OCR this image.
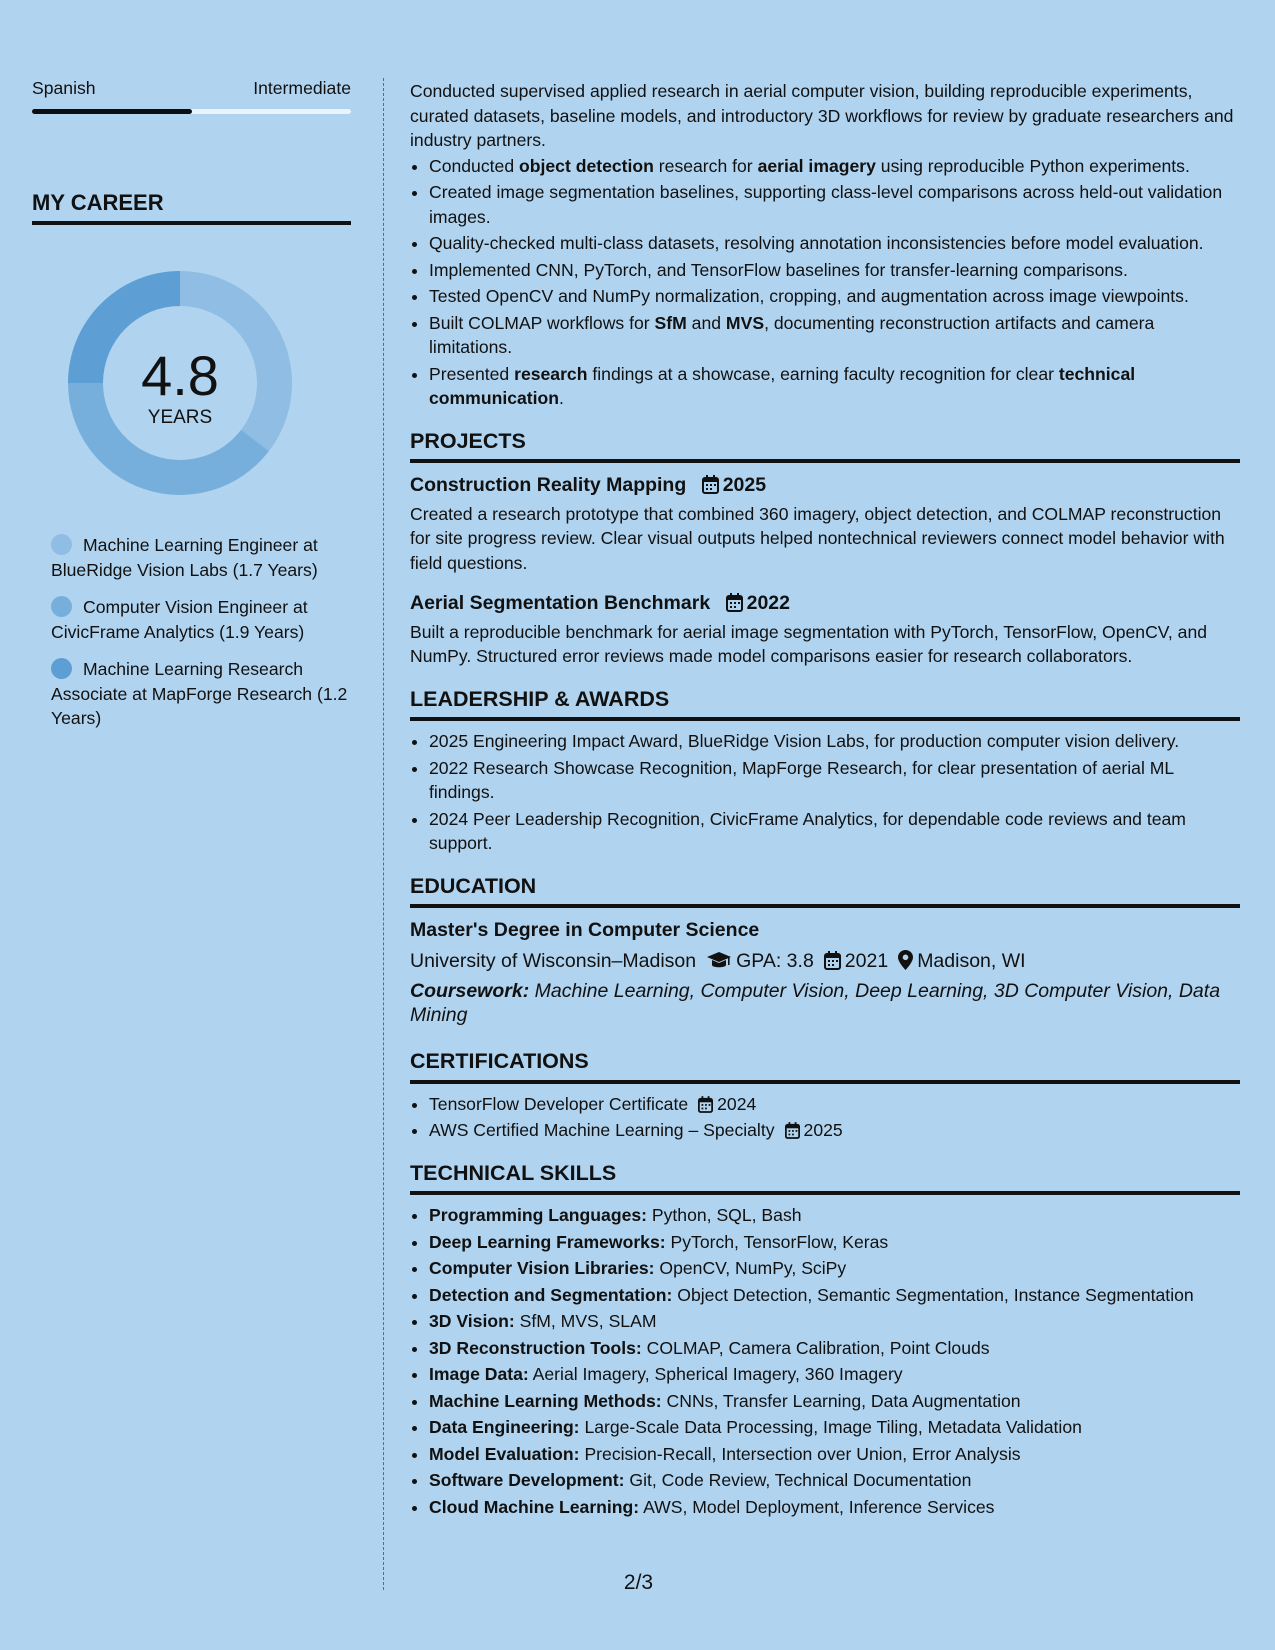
Spanish	Intermediate
MY CAREER
4.8
YEARS
Machine Learning Engineer at BlueRidge Vision Labs (1.7 Years)
Computer Vision Engineer at CivicFrame Analytics (1.9 Years)
Machine Learning Research Associate at MapForge Research (1.2 Years)

Conducted supervised applied research in aerial computer vision, building reproducible experiments, curated datasets, baseline models, and introductory 3D workflows for review by graduate researchers and industry partners.

• Conducted object detection research for aerial imagery using reproducible Python experiments.
• Created image segmentation baselines, supporting class-level comparisons across held-out validation images.
• Quality-checked multi-class datasets, resolving annotation inconsistencies before model evaluation.
• Implemented CNN, PyTorch, and TensorFlow baselines for transfer-learning comparisons.
• Tested OpenCV and NumPy normalization, cropping, and augmentation across image viewpoints.
• Built COLMAP workflows for SfM and MVS, documenting reconstruction artifacts and camera limitations.
• Presented research findings at a showcase, earning faculty recognition for clear technical communication.
PROJECTS
Construction Reality Mapping 2025
Created a research prototype that combined 360 imagery, object detection, and COLMAP reconstruction for site progress review. Clear visual outputs helped nontechnical reviewers connect model behavior with field questions.
Aerial Segmentation Benchmark 2022
Built a reproducible benchmark for aerial image segmentation with PyTorch, TensorFlow, OpenCV, and NumPy. Structured error reviews made model comparisons easier for research collaborators.
LEADERSHIP & AWARDS
• 2025 Engineering Impact Award, BlueRidge Vision Labs, for production computer vision delivery.
• 2022 Research Showcase Recognition, MapForge Research, for clear presentation of aerial ML findings.
• 2024 Peer Leadership Recognition, CivicFrame Analytics, for dependable code reviews and team support.
EDUCATION
Master's Degree in Computer Science
University of Wisconsin–Madison GPA: 3.8 2021 Madison, WI
Coursework: Machine Learning, Computer Vision, Deep Learning, 3D Computer Vision, Data Mining
CERTIFICATIONS
• TensorFlow Developer Certificate 2024
• AWS Certified Machine Learning – Specialty 2025
TECHNICAL SKILLS
• Programming Languages: Python, SQL, Bash
• Deep Learning Frameworks: PyTorch, TensorFlow, Keras
• Computer Vision Libraries: OpenCV, NumPy, SciPy
• Detection and Segmentation: Object Detection, Semantic Segmentation, Instance Segmentation
• 3D Vision: SfM, MVS, SLAM
• 3D Reconstruction Tools: COLMAP, Camera Calibration, Point Clouds
• Image Data: Aerial Imagery, Spherical Imagery, 360 Imagery
• Machine Learning Methods: CNNs, Transfer Learning, Data Augmentation
• Data Engineering: Large-Scale Data Processing, Image Tiling, Metadata Validation
• Model Evaluation: Precision-Recall, Intersection over Union, Error Analysis
• Software Development: Git, Code Review, Technical Documentation
• Cloud Machine Learning: AWS, Model Deployment, Inference Services
2/3
